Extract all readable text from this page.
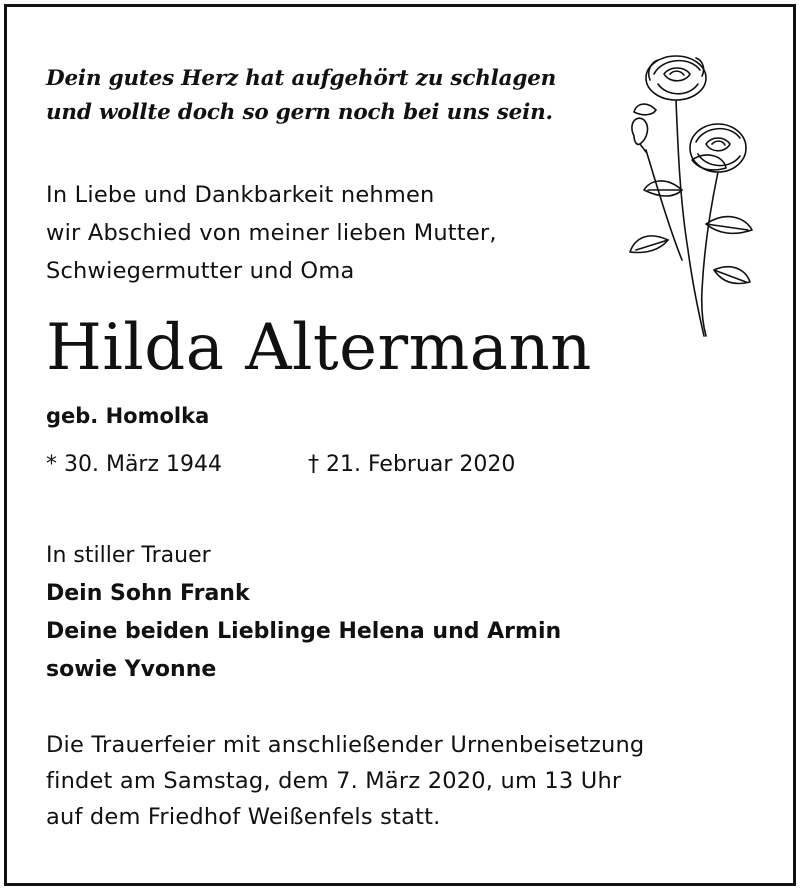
Dein gutes Herz hat aufgehört zu schlagen
und wollte doch so gern noch bei uns sein.
In Liebe und Dankbarkeit nehmen
wir Abschied von meiner lieben Mutter,
Schwiegermutter und Oma
Hilda Altermann
geb. Homolka
* 30. März 1944	† 21. Februar 2020
In stiller Trauer
Dein Sohn Frank
Deine beiden Lieblinge Helena und Armin
sowie Yvonne
Die Trauerfeier mit anschließender Urnenbeisetzung
findet am Samstag, dem 7. März 2020, um 13 Uhr
auf dem Friedhof Weißenfels statt.
